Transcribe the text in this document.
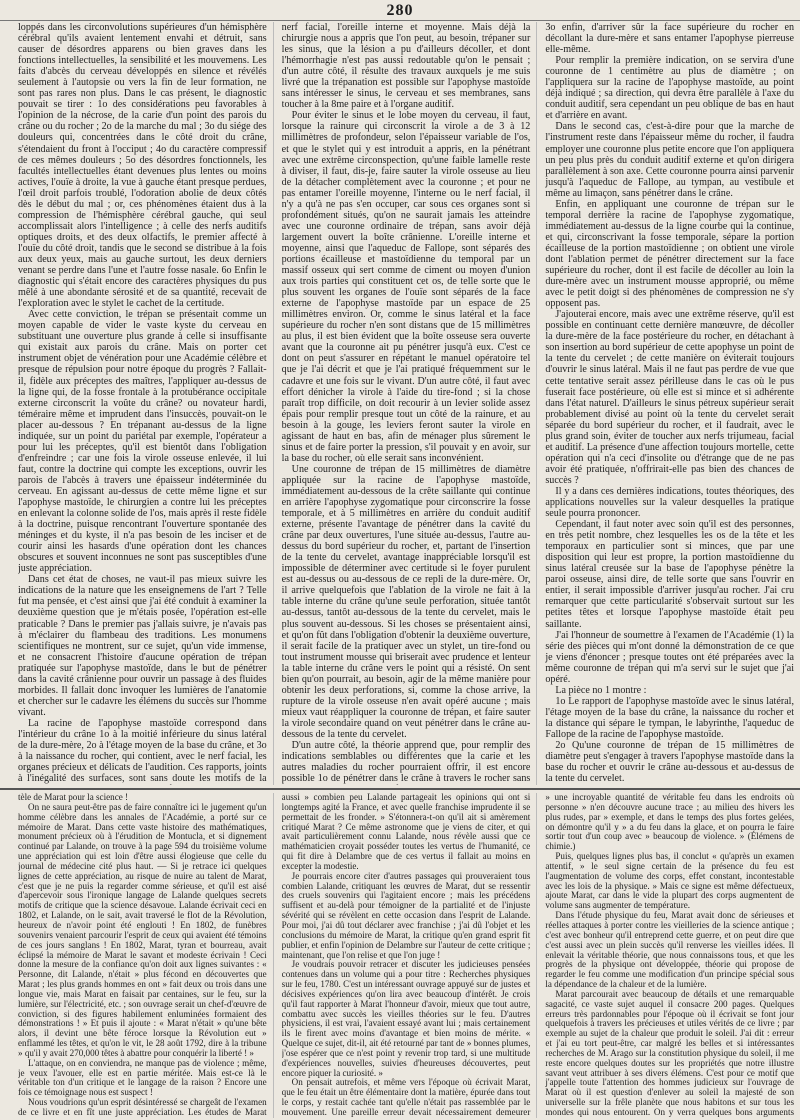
280

loppés dans les circonvolutions supérieures d'un hémisphère cérébral qu'ils avaient lentement envahi et détruit, sans causer de désordres apparens ou bien graves dans les fonctions intellectuelles, la sensibilité et les mouvemens. Les faits d'abcès du cerveau développés en silence et révélés seulement à l'autopsie ou vers la fin de leur formation, ne sont pas rares non plus. Dans le cas présent, le diagnostic pouvait se tirer : 1o des considérations peu favorables à l'opinion de la nécrose, de la carie d'un point des parois du crâne ou du rocher ; 2o de la marche du mal ; 3o du siége des douleurs qui, concentrées dans le côté droit du crâne, s'étendaient du front à l'occiput ; 4o du caractère compressif de ces mêmes douleurs ; 5o des désordres fonctionnels, les facultés intellectuelles étant devenues plus lentes ou moins actives, l'ouïe à droite, la vue à gauche étant presque perdues, l'œil droit parfois troublé, l'odoration abolie de deux côtés dès le début du mal ; or, ces phénomènes étaient dus à la compression de l'hémisphère cérébral gauche, qui seul accomplissait alors l'intelligence ; à celle des nerfs auditifs optiques droits, et des deux olfactifs, le premier affecté à l'ouïe du côté droit, tandis que le second se distribue à la fois aux deux yeux, mais au gauche surtout, les deux derniers venant se perdre dans l'une et l'autre fosse nasale. 6o Enfin le diagnostic qui s'était encore des caractères physiques du pus mêlé à une abondante sérosité et de sa quantité, recevait de l'exploration avec le stylet le cachet de la certitude.

Avec cette conviction, le trépan se présentait comme un moyen capable de vider le vaste kyste du cerveau en substituant une ouverture plus grande à celle si insuffisante qui existait aux parois du crâne. Mais on porter cet instrument objet de vénération pour une Académie célèbre et presque de répulsion pour notre époque du progrès ? Fallait-il, fidèle aux préceptes des maîtres, l'appliquer au-dessus de la ligne qui, de la fosse frontale à la protubérance occipitale externe circonscrit la voûte du crâne? ou novateur hardi, téméraire même et imprudent dans l'insuccès, pouvait-on le placer au-dessous ? En trépanant au-dessus de la ligne indiquée, sur un point du pariétal par exemple, l'opérateur a pour lui les préceptes, qu'il est bientôt dans l'obligation d'enfreindre ; car une fois la virole osseuse enlevée, il lui faut, contre la doctrine qui compte les exceptions, ouvrir les parois de l'abcès à travers une épaisseur indéterminée du cerveau. En agissant au-dessus de cette même ligne et sur l'apophyse mastoïde, le chirurgien a contre lui les préceptes en enlevant la colonne solide de l'os, mais après il reste fidèle à la doctrine, puisque rencontrant l'ouverture spontanée des méninges et du kyste, il n'a pas besoin de les inciser et de courir ainsi les hasards d'une opération dont les chances obscures et souvent inconnues ne sont pas susceptibles d'une juste appréciation.

Dans cet état de choses, ne vaut-il pas mieux suivre les indications de la nature que les enseignemens de l'art ? Telle fut ma pensée, et c'est ainsi que j'ai été conduit à examiner la deuxième question que je m'étais posée, l'opération est-elle praticable ? Dans le premier pas j'allais suivre, je n'avais pas à m'éclairer du flambeau des traditions. Les monumens scientifiques ne montrent, sur ce sujet, qu'un vide immense, et ne consacrent l'histoire d'aucune opération de trépan pratiquée sur l'apophyse mastoïde, dans le but de pénétrer dans la cavité crânienne pour ouvrir un passage à des fluides morbides. Il fallait donc invoquer les lumières de l'anatomie et chercher sur le cadavre les élémens du succès sur l'homme vivant.

La racine de l'apophyse mastoïde correspond dans l'intérieur du crâne 1o à la moitié inférieure du sinus latéral de la dure-mère, 2o à l'étage moyen de la base du crâne, et 3o à la naissance du rocher, qui contient, avec le nerf facial, les organes précieux et délicats de l'audition. Ces rapports, joints à l'inégalité des surfaces, sont sans doute les motifs de la

nerf facial, l'oreille interne et moyenne. Mais déjà la chirurgie nous a appris que l'on peut, au besoin, trépaner sur les sinus, que la lésion a pu d'ailleurs décoller, et dont l'hémorrhagie n'est pas aussi redoutable qu'on le pensait ; d'un autre côté, il résulte des travaux auxquels je me suis livré que la trépanation est possible sur l'apophyse mastoïde sans intéresser le sinus, le cerveau et ses membranes, sans toucher à la 8me paire et à l'organe auditif.

Pour éviter le sinus et le lobe moyen du cerveau, il faut, lorsque la rainure qui circonscrit la virole a de 3 à 12 millimètres de profondeur, selon l'épaisseur variable de l'os, et que le stylet qui y est introduit a appris, en la pénétrant avec une extrême circonspection, qu'une faible lamelle reste à diviser, il faut, dis-je, faire sauter la virole osseuse au lieu de la détacher complètement avec la couronne ; et pour ne pas entamer l'oreille moyenne, l'interne ou le nerf facial, il n'y a qu'à ne pas s'en occuper, car sous ces organes sont si profondément situés, qu'on ne saurait jamais les atteindre avec une couronne ordinaire de trépan, sans avoir déjà largement ouvert la boîte crânienne. L'oreille interne et moyenne, ainsi que l'aqueduc de Fallope, sont séparés des portions écailleuse et mastoïdienne du temporal par un massif osseux qui sert comme de ciment ou moyen d'union aux trois parties qui constituent cet os, de telle sorte que le plus souvent les organes de l'ouïe sont séparés de la face externe de l'apophyse mastoïde par un espace de 25 millimètres environ. Or, comme le sinus latéral et la face supérieure du rocher n'en sont distans que de 15 millimètres au plus, il est bien évident que la boîte osseuse sera ouverte avant que la couronne ait pu pénétrer jusqu'à eux. C'est ce dont on peut s'assurer en répétant le manuel opératoire tel que je l'ai décrit et que je l'ai pratiqué fréquemment sur le cadavre et une fois sur le vivant. D'un autre côté, il faut avec effort dénicher la virole à l'aide du tire-fond ; si la chose paraît trop difficile, on doit recourir à un levier solide assez épais pour remplir presque tout un côté de la rainure, et au besoin à la gouge, les leviers feront sauter la virole en agissant de haut en bas, afin de ménager plus sûrement le sinus et de faire porter la pression, s'il pouvait y en avoir, sur la base du rocher, où elle serait sans inconvénient.

Une couronne de trépan de 15 millimètres de diamètre appliquée sur la racine de l'apophyse mastoïde, immédiatement au-dessous de la crête saillante qui continue en arrière l'apophyse zygomatique pour circonscrire la fosse temporale, et à 5 millimètres en arrière du conduit auditif externe, présente l'avantage de pénétrer dans la cavité du crâne par deux ouvertures, l'une située au-dessus, l'autre au-dessus du bord supérieur du rocher, et, partant de l'insertion de la tente du cervelet, avantage inappréciable lorsqu'il est impossible de déterminer avec certitude si le foyer purulent est au-dessus ou au-dessous de ce repli de la dure-mère. Or, il arrive quelquefois que l'ablation de la virole ne fait à la table interne du crâne qu'une seule perforation, située tantôt au-dessus, tantôt au-dessous de la tente du cervelet, mais le plus souvent au-dessous. Si les choses se présentaient ainsi, et qu'on fût dans l'obligation d'obtenir la deuxième ouverture, il serait facile de la pratiquer avec un stylet, un tire-fond ou tout instrument mousse qui briserait avec prudence et lenteur la table interne du crâne vers le point qui a résisté. On sent bien qu'on pourrait, au besoin, agir de la même manière pour obtenir les deux perforations, si, comme la chose arrive, la rupture de la virole osseuse n'en avait opéré aucune ; mais mieux vaut réappliquer la couronne de trépan, et faire sauter la virole secondaire quand on veut pénétrer dans le crâne au-dessous de la tente du cervelet.

D'un autre côté, la théorie apprend que, pour remplir des indications semblables ou différentes que la carie et les autres maladies du rocher pourraient offrir, il est encore possible 1o de pénétrer dans le crâne à travers le rocher sans

3o enfin, d'arriver sûr la face supérieure du rocher en décollant la dure-mère et sans entamer l'apophyse pierreuse elle-même.

Pour remplir la première indication, on se servira d'une couronne de 1 centimètre au plus de diamètre ; on l'appliquera sur la racine de l'apophyse mastoïde, au point déjà indiqué ; sa direction, qui devra être parallèle à l'axe du conduit auditif, sera cependant un peu oblique de bas en haut et d'arrière en avant.

Dans le second cas, c'est-à-dire pour que la marche de l'instrument reste dans l'épaisseur même du rocher, il faudra employer une couronne plus petite encore que l'on appliquera un peu plus près du conduit auditif externe et qu'on dirigera parallèlement à son axe. Cette couronne pourra ainsi parvenir jusqu'à l'aqueduc de Fallope, au tympan, au vestibule et même au limaçon, sans pénétrer dans le crâne.

Enfin, en appliquant une couronne de trépan sur le temporal derrière la racine de l'apophyse zygomatique, immédiatement au-dessus de la ligne courbe qui la continue, et qui, circonscrivant la fosse temporale, sépare la portion écailleuse de la portion mastoïdienne ; on obtient une virole dont l'ablation permet de pénétrer directement sur la face supérieure du rocher, dont il est facile de décoller au loin la dure-mère avec un instrument mousse approprié, ou même avec le petit doigt si des phénomènes de compression ne s'y opposent pas.

J'ajouterai encore, mais avec une extrême réserve, qu'il est possible en continuant cette dernière manœuvre, de décoller la dure-mère de la face postérieure du rocher, en détachant à son insertion au bord supérieur de cette apophyse un point de la tente du cervelet ; de cette manière on éviterait toujours d'ouvrir le sinus latéral. Mais il ne faut pas perdre de vue que cette tentative serait assez périlleuse dans le cas où le pus fuserait face postérieure, où elle est si mince et si adhérente dans l'état naturel. D'ailleurs le sinus pétreux supérieur serait probablement divisé au point où la tente du cervelet serait séparée du bord supérieur du rocher, et il faudrait, avec le plus grand soin, éviter de toucher aux nerfs trijumeau, facial et auditif. La présence d'une affection toujours mortelle, cette opération qui n'a ceci d'insolite ou d'étrange que de ne pas avoir été pratiquée, n'offrirait-elle pas bien des chances de succès ?

Il y a dans ces dernières indications, toutes théoriques, des applications nouvelles sur la valeur desquelles la pratique seule pourra prononcer.

Cependant, il faut noter avec soin qu'il est des personnes, en très petit nombre, chez lesquelles les os de la tête et les temporaux en particulier sont si minces, que par une disposition qui leur est propre, la portion mastoïdienne du sinus latéral creusée sur la base de l'apophyse pénètre la paroi osseuse, ainsi dire, de telle sorte que sans l'ouvrir en entier, il serait impossible d'arriver jusqu'au rocher. J'ai cru remarquer que cette particularité s'observait surtout sur les petites têtes et lorsque l'apophyse mastoïde était peu saillante.

J'ai l'honneur de soumettre à l'examen de l'Académie (1) la série des pièces qui m'ont donné la démonstration de ce que je viens d'énoncer ; presque toutes ont été préparées avec la même couronne de trépan qui m'a servi sur le sujet que j'ai opéré.

La pièce no 1 montre :

1o Le rapport de l'apophyse mastoïde avec le sinus latéral, l'étage moyen de la base du crâne, la naissance du rocher et la distance qui sépare le tympan, le labyrinthe, l'aqueduc de Fallope de la racine de l'apophyse mastoïde.

2o Qu'une couronne de trépan de 15 millimètres de diamètre peut s'engager à travers l'apophyse mastoïde dans la base du rocher et ouvrir le crâne au-dessous et au-dessus de la tente du cervelet.

tèle de Marat pour la science !

On ne saura peut-être pas de faire connaître ici le jugement qu'un homme célèbre dans les annales de l'Académie, a porté sur ce mémoire de Marat. Dans cette vaste histoire des mathématiques, monument précieux où à l'érudition de Montucla, et si dignement continué par Lalande, on trouve à la page 594 du troisième volume une appréciation qui est loin d'être aussi élogieuse que celle du journal de médecine cité plus haut. — Si je retrace ici quelques lignes de cette appréciation, au risque de nuire au talent de Marat, c'est que je ne puis la regarder comme sérieuse, et qu'il est aisé d'apercevoir sous l'ironique langage de Lalande quelques secrets motifs de critique que la science désavoue. Lalande écrivait ceci en 1802, et Lalande, on le sait, avait traversé le flot de la Révolution, heureux de n'avoir point été englouti ! En 1802, de funèbres souvenirs venaient parcourir l'esprit de ceux qui avaient été témoins de ces jours sanglans ! En 1802, Marat, tyran et bourreau, avait éclipsé la mémoire de Marat le savant et modeste écrivain ! Ceci donne la mesure de la confiance qu'on doit aux lignes suivantes : « Personne, dit Lalande, n'était » plus fécond en découvertes que Marat ; les plus grands hommes en ont » fait deux ou trois dans une longue vie, mais Marat en faisait par centaines, sur le feu, sur la lumière, sur l'électricité, etc. ; son ouvrage serait un chef-d'œuvre de conviction, si des figures habilement enluminées formaient des démonstrations ! » Et puis il ajoute : « Marat n'était » qu'une bête alors, il devint une bête féroce lorsque la Révolution eut » enflammé les têtes, et qu'on le vit, le 28 août 1792, dire à la tribune » qu'il y avait 270,000 têtes à abattre pour conquérir la liberté ! »

L'attaque, on en conviendra, ne manque pas de violence ; même, je veux l'avouer, elle est en partie méritée. Mais est-ce là le véritable ton d'un critique et le langage de la raison ? Encore une fois ce témoignage nous est suspect !

Nous voudrions qu'un esprit désintéressé se chargeât de l'examen de ce livre et en fît une juste appréciation. Les études de Marat

aussi » combien peu Lalande partageait les opinions qui ont si longtemps agité la France, et avec quelle franchise imprudente il se permettait de les fronder. » S'étonnera-t-on qu'il ait si amèrement critiqué Marat ? Ce même astronome que je viens de citer, et qui avait particulièrement connu Lalande, nous révèle aussi que ce mathématicien croyait posséder toutes les vertus de l'humanité, ce qui fit dire à Delambre que de ces vertus il fallait au moins en excepter la modestie.

Je pourrais encore citer d'autres passages qui prouveraient tous combien Lalande, critiquant les œuvres de Marat, dut se ressentir des cruels souvenirs qui l'agitaient encore ; mais les précédens suffisent et au-delà pour témoigner de la partialité et de l'injuste sévérité qui se révèlent en cette occasion dans l'esprit de Lalande. Pour moi, j'ai dû tout déclarer avec franchise ; j'ai dû l'objet et les conclusions du mémoire de Marat, la critique qu'en grand esprit fit publier, et enfin l'opinion de Delambre sur l'auteur de cette critique ; maintenant, que l'on relise et que l'on juge !

Je voudrais pouvoir retracer et discuter les judicieuses pensées contenues dans un volume qui a pour titre : Recherches physiques sur le feu, 1780. C'est un intéressant ouvrage appuyé sur de justes et décisives expériences qu'on lira avec beaucoup d'intérêt. Je crois qu'il faut rapporter à Marat l'honneur d'avoir, mieux que tout autre, combattu avec succès les vieilles théories sur le feu. D'autres physiciens, il est vrai, l'avaient essayé avant lui ; mais certainement ils le firent avec moins d'avantage et bien moins de mérite. « Quelque ce sujet, dit-il, ait été retourné par tant de » bonnes plumes, j'ose espérer que ce n'est point y revenir trop tard, si une multitude d'expériences nouvelles, suivies d'heureuses découvertes, peut encore piquer la curiosité. »

On pensait autrefois, et même vers l'époque où écrivait Marat, que le feu était un être élémentaire dont la matière, épurée dans tout le corps, y restait cachée tant qu'elle n'était pas rassemblée par le mouvement. Une pareille erreur devait nécessairement demeurer

» une incroyable quantité de véritable feu dans les endroits où personne » n'en découvre aucune trace ; au milieu des hivers les plus rudes, par » exemple, et dans le temps des plus fortes gelées, on démontre qu'il y » a du feu dans la glace, et on pourra le faire sortir tout d'un coup avec » beaucoup de violence. » (Élémens de chimie.)

Puis, quelques lignes plus bas, il conclut « qu'après un examen attentif, » le seul signe certain de la présence du feu est l'augmentation de volume des corps, effet constant, incontestable avec les lois de la physique. » Mais ce signe est même défectueux, ajoute Marat, car dans le vide la plupart des corps augmentent de volume sans augmenter de température.

Dans l'étude physique du feu, Marat avait donc de sérieuses et réelles attaques à porter contre les vieilleries de la science antique ; c'est avec bonheur qu'il entreprend cette guerre, et on peut dire que c'est aussi avec un plein succès qu'il renverse les vieilles idées. Il enlevait la véritable théorie, que nous connaissons tous, et que les progrès de la physique ont développée, théorie qui propose de regarder le feu comme une modification d'un principe spécial sous la dépendance de la chaleur et de la lumière.

Marat parcourait avec beaucoup de détails et une remarquable sagacité, ce vaste sujet auquel il consacre 200 pages. Quelques erreurs très pardonnables pour l'époque où il écrivait se font jour quelquefois à travers les précieuses et utiles vérités de ce livre ; par exemple au sujet de la chaleur que produit le soleil. J'ai dit : erreur et j'ai eu tort peut-être, car malgré les belles et si intéressantes recherches de M. Arago sur la constitution physique du soleil, il me reste encore quelques doutes sur les propriétés que notre illustre savant veut attribuer à ses divers élémens. C'est pour ce motif que j'appelle toute l'attention des hommes judicieux sur l'ouvrage de Marat où il est question d'enlever au soleil la majesté de son universelle sur la frêle planète que nous habitons et sur tous les mondes qui nous entourent. On y verra quelques bons arguments
